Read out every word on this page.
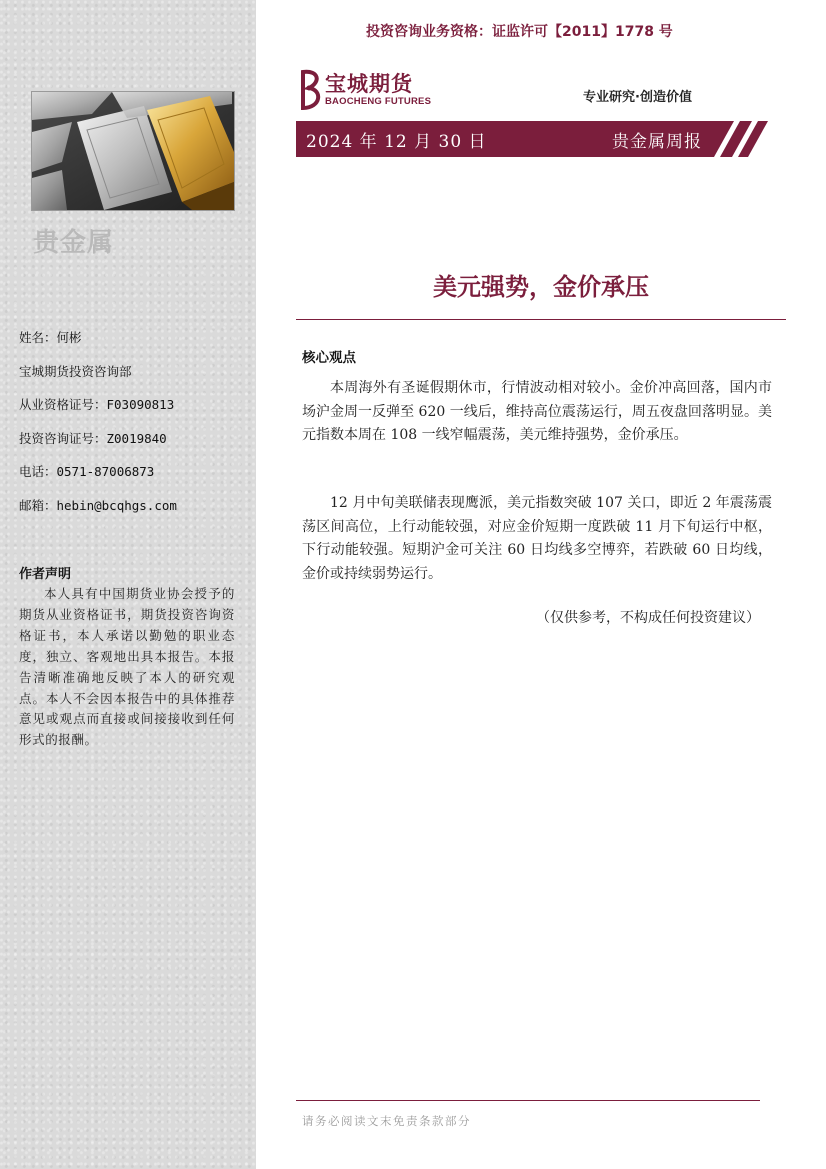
贵金属
姓名：何彬
宝城期货投资咨询部
从业资格证号：F03090813
投资咨询证号：Z0019840
电话：0571-87006873
邮箱：hebin@bcqhgs.com
作者声明
本人具有中国期货业协会授予的期货从业资格证书，期货投资咨询资格证书，本人承诺以勤勉的职业态度，独立、客观地出具本报告。本报告清晰准确地反映了本人的研究观点。本人不会因本报告中的具体推荐意见或观点而直接或间接接收到任何形式的报酬。
投资咨询业务资格：证监许可【2011】1778 号
宝城期货
BAOCHENG FUTURES	专业研究·创造价值
2024 年 12 月 30 日	贵金属周报
美元强势，金价承压
核心观点
本周海外有圣诞假期休市，行情波动相对较小。金价冲高回落，国内市场沪金周一反弹至 620 一线后，维持高位震荡运行，周五夜盘回落明显。美元指数本周在 108 一线窄幅震荡，美元维持强势，金价承压。
12 月中旬美联储表现鹰派，美元指数突破 107 关口，即近 2 年震荡震荡区间高位，上行动能较强，对应金价短期一度跌破 11 月下旬运行中枢，下行动能较强。短期沪金可关注 60 日均线多空博弈，若跌破 60 日均线，金价或持续弱势运行。
（仅供参考，不构成任何投资建议）
请务必阅读文末免责条款部分
